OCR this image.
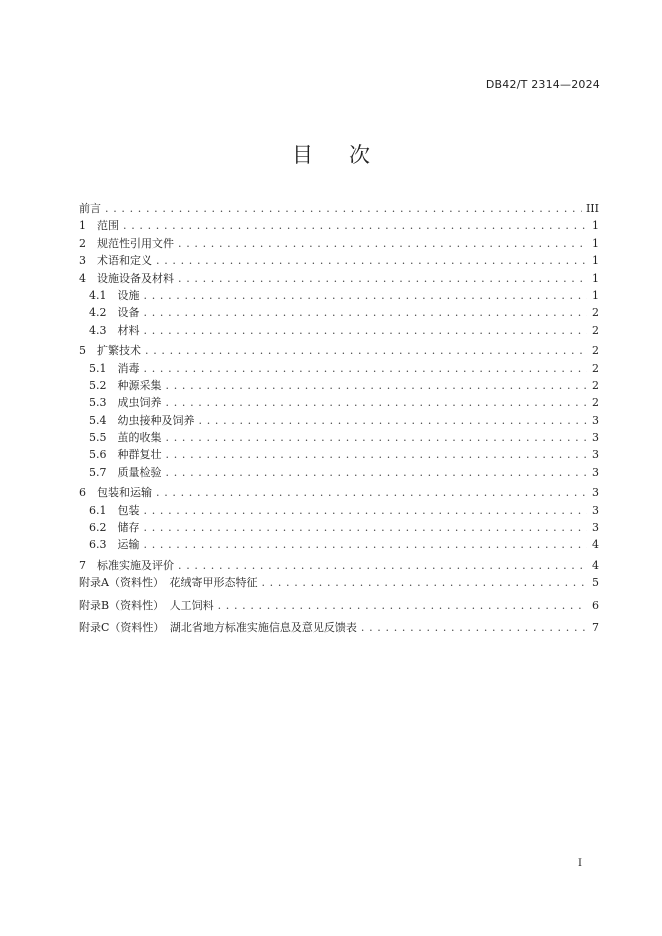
DB42/T 2314—2024
目 次
前言 . . .	III
1　范围 . . .	1
2　规范性引用文件 . . .	1
3　术语和定义 . . .	1
4　设施设备及材料 . . .	1
4.1　设施 . . .	1
4.2　设备 . . .	2
4.3　材料 . . .	2
5　扩繁技术 . . .	2
5.1　消毒 . . .	2
5.2　种源采集 . . .	2
5.3　成虫饲养 . . .	2
5.4　幼虫接种及饲养 . . .	3
5.5　茧的收集 . . .	3
5.6　种群复壮 . . .	3
5.7　质量检验 . . .	3
6　包装和运输 . . .	3
6.1　包装 . . .	3
6.2　储存 . . .	3
6.3　运输 . . .	4
7　标准实施及评价 . . .	4
附录A（资料性）　花绒寄甲形态特征 . . .	5
附录B（资料性）　人工饲料 . . .	6
附录C（资料性）　湖北省地方标准实施信息及意见反馈表 . . .	7
I
